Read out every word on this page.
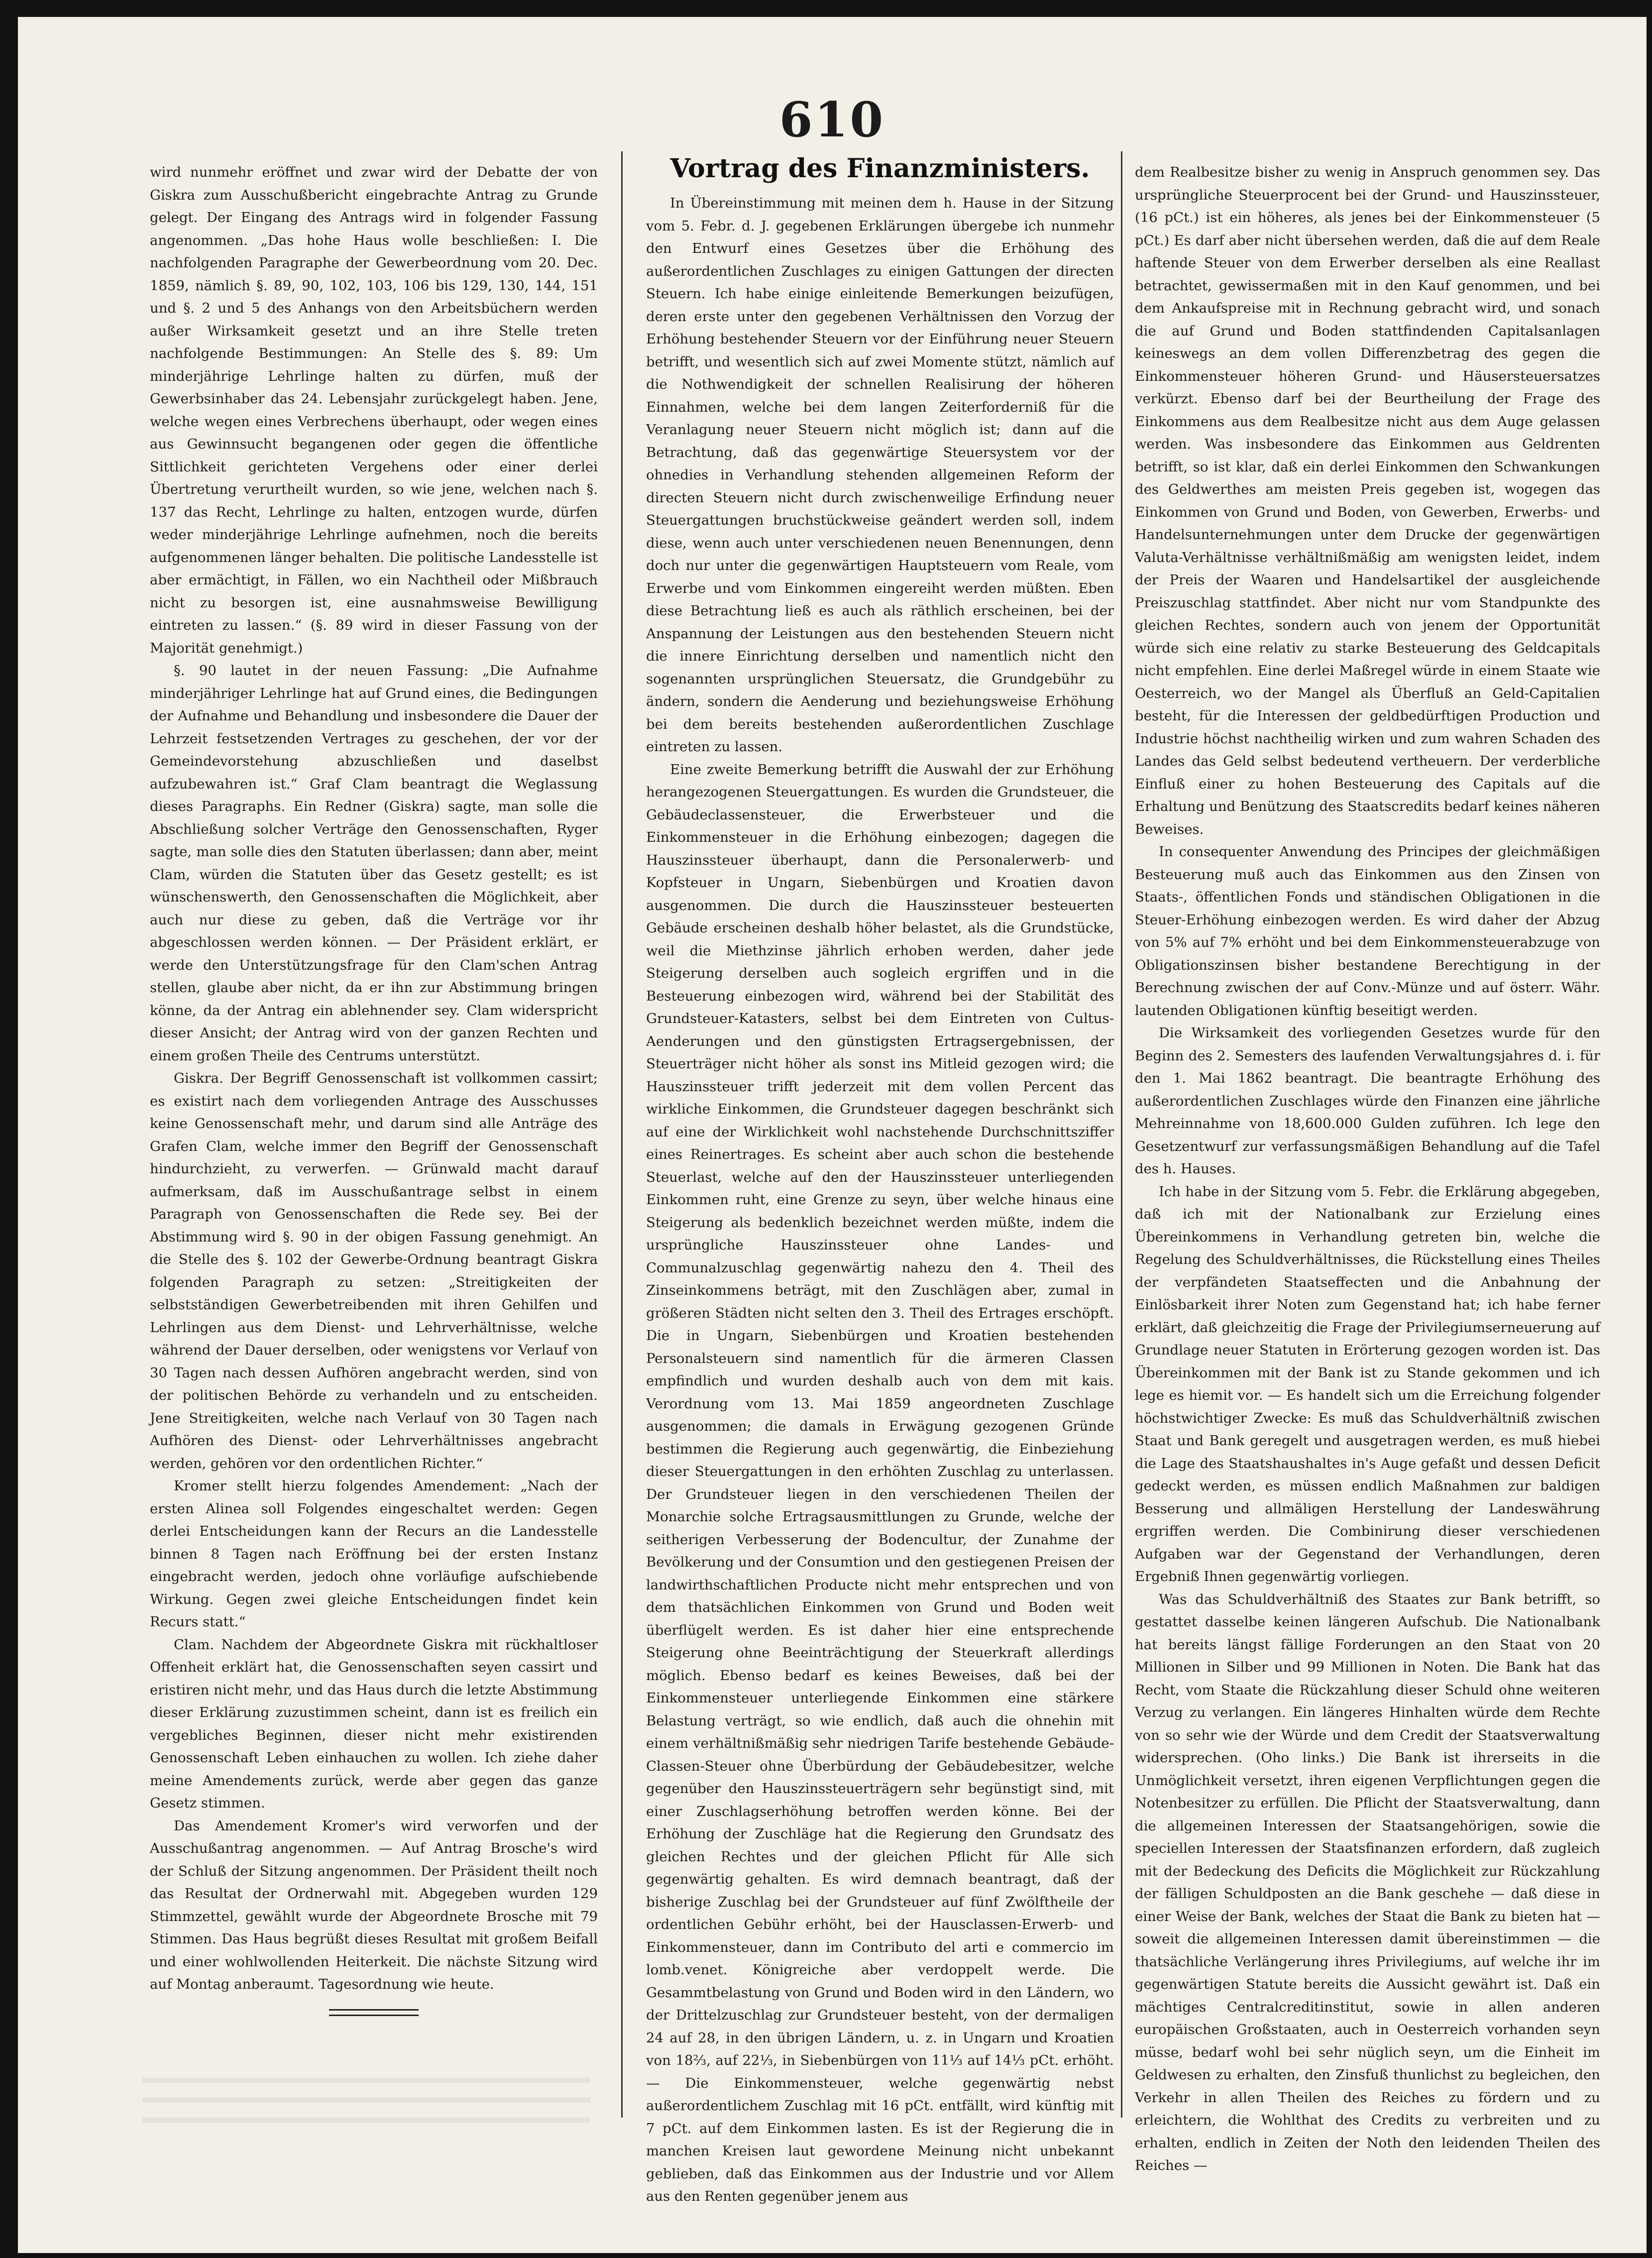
610

wird nunmehr eröffnet und zwar wird der Debatte der von Giskra zum Ausschußbericht eingebrachte Antrag zu Grunde gelegt. Der Eingang des Antrags wird in folgender Fassung angenommen. „Das hohe Haus wolle beschließen: I. Die nachfolgenden Paragraphe der Gewerbeordnung vom 20. Dec. 1859, nämlich §. 89, 90, 102, 103, 106 bis 129, 130, 144, 151 und §. 2 und 5 des Anhangs von den Arbeitsbüchern werden außer Wirksamkeit gesetzt und an ihre Stelle treten nachfolgende Bestimmungen: An Stelle des §. 89: Um minderjährige Lehrlinge halten zu dürfen, muß der Gewerbsinhaber das 24. Lebensjahr zurückgelegt haben. Jene, welche wegen eines Verbrechens überhaupt, oder wegen eines aus Gewinnsucht begangenen oder gegen die öffentliche Sittlichkeit gerichteten Vergehens oder einer derlei Übertretung verurtheilt wurden, so wie jene, welchen nach §. 137 das Recht, Lehrlinge zu halten, entzogen wurde, dürfen weder minderjährige Lehrlinge aufnehmen, noch die bereits aufgenommenen länger behalten. Die politische Landesstelle ist aber ermächtigt, in Fällen, wo ein Nachtheil oder Mißbrauch nicht zu besorgen ist, eine ausnahmsweise Bewilligung eintreten zu lassen.“ (§. 89 wird in dieser Fassung von der Majorität genehmigt.)

§. 90 lautet in der neuen Fassung: „Die Aufnahme minderjähriger Lehrlinge hat auf Grund eines, die Bedingungen der Aufnahme und Behandlung und insbesondere die Dauer der Lehrzeit festsetzenden Vertrages zu geschehen, der vor der Gemeindevorstehung abzuschließen und daselbst aufzubewahren ist.“ Graf Clam beantragt die Weglassung dieses Paragraphs. Ein Redner (Giskra) sagte, man solle die Abschließung solcher Verträge den Genossenschaften, Ryger sagte, man solle dies den Statuten überlassen; dann aber, meint Clam, würden die Statuten über das Gesetz gestellt; es ist wünschenswerth, den Genossenschaften die Möglichkeit, aber auch nur diese zu geben, daß die Verträge vor ihr abgeschlossen werden können. — Der Präsident erklärt, er werde den Unterstützungsfrage für den Clam'schen Antrag stellen, glaube aber nicht, da er ihn zur Abstimmung bringen könne, da der Antrag ein ablehnender sey. Clam widerspricht dieser Ansicht; der Antrag wird von der ganzen Rechten und einem großen Theile des Centrums unterstützt.

Giskra. Der Begriff Genossenschaft ist vollkommen cassirt; es existirt nach dem vorliegenden Antrage des Ausschusses keine Genossenschaft mehr, und darum sind alle Anträge des Grafen Clam, welche immer den Begriff der Genossenschaft hindurchzieht, zu verwerfen. — Grünwald macht darauf aufmerksam, daß im Ausschußantrage selbst in einem Paragraph von Genossenschaften die Rede sey. Bei der Abstimmung wird §. 90 in der obigen Fassung genehmigt. An die Stelle des §. 102 der Gewerbe-Ordnung beantragt Giskra folgenden Paragraph zu setzen: „Streitigkeiten der selbstständigen Gewerbetreibenden mit ihren Gehilfen und Lehrlingen aus dem Dienst- und Lehrverhältnisse, welche während der Dauer derselben, oder wenigstens vor Verlauf von 30 Tagen nach dessen Aufhören angebracht werden, sind von der politischen Behörde zu verhandeln und zu entscheiden. Jene Streitigkeiten, welche nach Verlauf von 30 Tagen nach Aufhören des Dienst- oder Lehrverhältnisses angebracht werden, gehören vor den ordentlichen Richter.“

Kromer stellt hierzu folgendes Amendement: „Nach der ersten Alinea soll Folgendes eingeschaltet werden: Gegen derlei Entscheidungen kann der Recurs an die Landesstelle binnen 8 Tagen nach Eröffnung bei der ersten Instanz eingebracht werden, jedoch ohne vorläufige aufschiebende Wirkung. Gegen zwei gleiche Entscheidungen findet kein Recurs statt.“

Clam. Nachdem der Abgeordnete Giskra mit rückhaltloser Offenheit erklärt hat, die Genossenschaften seyen cassirt und eristiren nicht mehr, und das Haus durch die letzte Abstimmung dieser Erklärung zuzustimmen scheint, dann ist es freilich ein vergebliches Beginnen, dieser nicht mehr existirenden Genossenschaft Leben einhauchen zu wollen. Ich ziehe daher meine Amendements zurück, werde aber gegen das ganze Gesetz stimmen.

Das Amendement Kromer's wird verworfen und der Ausschußantrag angenommen. — Auf Antrag Brosche's wird der Schluß der Sitzung angenommen. Der Präsident theilt noch das Resultat der Ordnerwahl mit. Abgegeben wurden 129 Stimmzettel, gewählt wurde der Abgeordnete Brosche mit 79 Stimmen. Das Haus begrüßt dieses Resultat mit großem Beifall und einer wohlwollenden Heiterkeit. Die nächste Sitzung wird auf Montag anberaumt. Tagesordnung wie heute.

Vortrag des Finanzministers.

In Übereinstimmung mit meinen dem h. Hause in der Sitzung vom 5. Febr. d. J. gegebenen Erklärungen übergebe ich nunmehr den Entwurf eines Gesetzes über die Erhöhung des außerordentlichen Zuschlages zu einigen Gattungen der directen Steuern. Ich habe einige einleitende Bemerkungen beizufügen, deren erste unter den gegebenen Verhältnissen den Vorzug der Erhöhung bestehender Steuern vor der Einführung neuer Steuern betrifft, und wesentlich sich auf zwei Momente stützt, nämlich auf die Nothwendigkeit der schnellen Realisirung der höheren Einnahmen, welche bei dem langen Zeiterforderniß für die Veranlagung neuer Steuern nicht möglich ist; dann auf die Betrachtung, daß das gegenwärtige Steuersystem vor der ohnedies in Verhandlung stehenden allgemeinen Reform der directen Steuern nicht durch zwischenweilige Erfindung neuer Steuergattungen bruchstückweise geändert werden soll, indem diese, wenn auch unter verschiedenen neuen Benennungen, denn doch nur unter die gegenwärtigen Hauptsteuern vom Reale, vom Erwerbe und vom Einkommen eingereiht werden müßten. Eben diese Betrachtung ließ es auch als räthlich erscheinen, bei der Anspannung der Leistungen aus den bestehenden Steuern nicht die innere Einrichtung derselben und namentlich nicht den sogenannten ursprünglichen Steuersatz, die Grundgebühr zu ändern, sondern die Aenderung und beziehungsweise Erhöhung bei dem bereits bestehenden außerordentlichen Zuschlage eintreten zu lassen.

Eine zweite Bemerkung betrifft die Auswahl der zur Erhöhung herangezogenen Steuergattungen. Es wurden die Grundsteuer, die Gebäudeclassensteuer, die Erwerbsteuer und die Einkommensteuer in die Erhöhung einbezogen; dagegen die Hauszinssteuer überhaupt, dann die Personalerwerb- und Kopfsteuer in Ungarn, Siebenbürgen und Kroatien davon ausgenommen. Die durch die Hauszinssteuer besteuerten Gebäude erscheinen deshalb höher belastet, als die Grundstücke, weil die Miethzinse jährlich erhoben werden, daher jede Steigerung derselben auch sogleich ergriffen und in die Besteuerung einbezogen wird, während bei der Stabilität des Grundsteuer-Katasters, selbst bei dem Eintreten von Cultus-Aenderungen und den günstigsten Ertragsergebnissen, der Steuerträger nicht höher als sonst ins Mitleid gezogen wird; die Hauszinssteuer trifft jederzeit mit dem vollen Percent das wirkliche Einkommen, die Grundsteuer dagegen beschränkt sich auf eine der Wirklichkeit wohl nachstehende Durchschnittsziffer eines Reinertrages. Es scheint aber auch schon die bestehende Steuerlast, welche auf den der Hauszinssteuer unterliegenden Einkommen ruht, eine Grenze zu seyn, über welche hinaus eine Steigerung als bedenklich bezeichnet werden müßte, indem die ursprüngliche Hauszinssteuer ohne Landes- und Communalzuschlag gegenwärtig nahezu den 4. Theil des Zinseinkommens beträgt, mit den Zuschlägen aber, zumal in größeren Städten nicht selten den 3. Theil des Ertrages erschöpft. Die in Ungarn, Siebenbürgen und Kroatien bestehenden Personalsteuern sind namentlich für die ärmeren Classen empfindlich und wurden deshalb auch von dem mit kais. Verordnung vom 13. Mai 1859 angeordneten Zuschlage ausgenommen; die damals in Erwägung gezogenen Gründe bestimmen die Regierung auch gegenwärtig, die Einbeziehung dieser Steuergattungen in den erhöhten Zuschlag zu unterlassen. Der Grundsteuer liegen in den verschiedenen Theilen der Monarchie solche Ertragsausmittlungen zu Grunde, welche der seitherigen Verbesserung der Bodencultur, der Zunahme der Bevölkerung und der Consumtion und den gestiegenen Preisen der landwirthschaftlichen Producte nicht mehr entsprechen und von dem thatsächlichen Einkommen von Grund und Boden weit überflügelt werden. Es ist daher hier eine entsprechende Steigerung ohne Beeinträchtigung der Steuerkraft allerdings möglich. Ebenso bedarf es keines Beweises, daß bei der Einkommensteuer unterliegende Einkommen eine stärkere Belastung verträgt, so wie endlich, daß auch die ohnehin mit einem verhältnißmäßig sehr niedrigen Tarife bestehende Gebäude-Classen-Steuer ohne Überbürdung der Gebäudebesitzer, welche gegenüber den Hauszinssteuerträgern sehr begünstigt sind, mit einer Zuschlagserhöhung betroffen werden könne. Bei der Erhöhung der Zuschläge hat die Regierung den Grundsatz des gleichen Rechtes und der gleichen Pflicht für Alle sich gegenwärtig gehalten. Es wird demnach beantragt, daß der bisherige Zuschlag bei der Grundsteuer auf fünf Zwölftheile der ordentlichen Gebühr erhöht, bei der Hausclassen-Erwerb- und Einkommensteuer, dann im Contributo del arti e commercio im lomb.venet. Königreiche aber verdoppelt werde. Die Gesammtbelastung von Grund und Boden wird in den Ländern, wo der Drittelzuschlag zur Grundsteuer besteht, von der dermaligen 24 auf 28, in den übrigen Ländern, u. z. in Ungarn und Kroatien von 18⅔, auf 22⅓, in Siebenbürgen von 11⅓ auf 14⅓ pCt. erhöht. — Die Einkommensteuer, welche gegenwärtig nebst außerordentlichem Zuschlag mit 16 pCt. entfällt, wird künftig mit 7 pCt. auf dem Einkommen lasten. Es ist der Regierung die in manchen Kreisen laut gewordene Meinung nicht unbekannt geblieben, daß das Einkommen aus der Industrie und vor Allem aus den Renten gegenüber jenem aus

dem Realbesitze bisher zu wenig in Anspruch genommen sey. Das ursprüngliche Steuerprocent bei der Grund- und Hauszinssteuer, (16 pCt.) ist ein höheres, als jenes bei der Einkommensteuer (5 pCt.) Es darf aber nicht übersehen werden, daß die auf dem Reale haftende Steuer von dem Erwerber derselben als eine Reallast betrachtet, gewissermaßen mit in den Kauf genommen, und bei dem Ankaufspreise mit in Rechnung gebracht wird, und sonach die auf Grund und Boden stattfindenden Capitalsanlagen keineswegs an dem vollen Differenzbetrag des gegen die Einkommensteuer höheren Grund- und Häusersteuersatzes verkürzt. Ebenso darf bei der Beurtheilung der Frage des Einkommens aus dem Realbesitze nicht aus dem Auge gelassen werden. Was insbesondere das Einkommen aus Geldrenten betrifft, so ist klar, daß ein derlei Einkommen den Schwankungen des Geldwerthes am meisten Preis gegeben ist, wogegen das Einkommen von Grund und Boden, von Gewerben, Erwerbs- und Handelsunternehmungen unter dem Drucke der gegenwärtigen Valuta-Verhältnisse verhältnißmäßig am wenigsten leidet, indem der Preis der Waaren und Handelsartikel der ausgleichende Preiszuschlag stattfindet. Aber nicht nur vom Standpunkte des gleichen Rechtes, sondern auch von jenem der Opportunität würde sich eine relativ zu starke Besteuerung des Geldcapitals nicht empfehlen. Eine derlei Maßregel würde in einem Staate wie Oesterreich, wo der Mangel als Überfluß an Geld-Capitalien besteht, für die Interessen der geldbedürftigen Production und Industrie höchst nachtheilig wirken und zum wahren Schaden des Landes das Geld selbst bedeutend vertheuern. Der verderbliche Einfluß einer zu hohen Besteuerung des Capitals auf die Erhaltung und Benützung des Staatscredits bedarf keines näheren Beweises.

In consequenter Anwendung des Principes der gleichmäßigen Besteuerung muß auch das Einkommen aus den Zinsen von Staats-, öffentlichen Fonds und ständischen Obligationen in die Steuer-Erhöhung einbezogen werden. Es wird daher der Abzug von 5% auf 7% erhöht und bei dem Einkommensteuerabzuge von Obligationszinsen bisher bestandene Berechtigung in der Berechnung zwischen der auf Conv.-Münze und auf österr. Währ. lautenden Obligationen künftig beseitigt werden.

Die Wirksamkeit des vorliegenden Gesetzes wurde für den Beginn des 2. Semesters des laufenden Verwaltungsjahres d. i. für den 1. Mai 1862 beantragt. Die beantragte Erhöhung des außerordentlichen Zuschlages würde den Finanzen eine jährliche Mehreinnahme von 18,600.000 Gulden zuführen. Ich lege den Gesetzentwurf zur verfassungsmäßigen Behandlung auf die Tafel des h. Hauses.

Ich habe in der Sitzung vom 5. Febr. die Erklärung abgegeben, daß ich mit der Nationalbank zur Erzielung eines Übereinkommens in Verhandlung getreten bin, welche die Regelung des Schuldverhältnisses, die Rückstellung eines Theiles der verpfändeten Staatseffecten und die Anbahnung der Einlösbarkeit ihrer Noten zum Gegenstand hat; ich habe ferner erklärt, daß gleichzeitig die Frage der Privilegiumserneuerung auf Grundlage neuer Statuten in Erörterung gezogen worden ist. Das Übereinkommen mit der Bank ist zu Stande gekommen und ich lege es hiemit vor. — Es handelt sich um die Erreichung folgender höchstwichtiger Zwecke: Es muß das Schuldverhältniß zwischen Staat und Bank geregelt und ausgetragen werden, es muß hiebei die Lage des Staatshaushaltes in's Auge gefaßt und dessen Deficit gedeckt werden, es müssen endlich Maßnahmen zur baldigen Besserung und allmäligen Herstellung der Landeswährung ergriffen werden. Die Combinirung dieser verschiedenen Aufgaben war der Gegenstand der Verhandlungen, deren Ergebniß Ihnen gegenwärtig vorliegen.

Was das Schuldverhältniß des Staates zur Bank betrifft, so gestattet dasselbe keinen längeren Aufschub. Die Nationalbank hat bereits längst fällige Forderungen an den Staat von 20 Millionen in Silber und 99 Millionen in Noten. Die Bank hat das Recht, vom Staate die Rückzahlung dieser Schuld ohne weiteren Verzug zu verlangen. Ein längeres Hinhalten würde dem Rechte von so sehr wie der Würde und dem Credit der Staatsverwaltung widersprechen. (Oho links.) Die Bank ist ihrerseits in die Unmöglichkeit versetzt, ihren eigenen Verpflichtungen gegen die Notenbesitzer zu erfüllen. Die Pflicht der Staatsverwaltung, dann die allgemeinen Interessen der Staatsangehörigen, sowie die speciellen Interessen der Staatsfinanzen erfordern, daß zugleich mit der Bedeckung des Deficits die Möglichkeit zur Rückzahlung der fälligen Schuldposten an die Bank geschehe — daß diese in einer Weise der Bank, welches der Staat die Bank zu bieten hat — soweit die allgemeinen Interessen damit übereinstimmen — die thatsächliche Verlängerung ihres Privilegiums, auf welche ihr im gegenwärtigen Statute bereits die Aussicht gewährt ist. Daß ein mächtiges Centralcreditinstitut, sowie in allen anderen europäischen Großstaaten, auch in Oesterreich vorhanden seyn müsse, bedarf wohl bei sehr nüglich seyn, um die Einheit im Geldwesen zu erhalten, den Zinsfuß thunlichst zu begleichen, den Verkehr in allen Theilen des Reiches zu fördern und zu erleichtern, die Wohlthat des Credits zu verbreiten und zu erhalten, endlich in Zeiten der Noth den leidenden Theilen des Reiches —
